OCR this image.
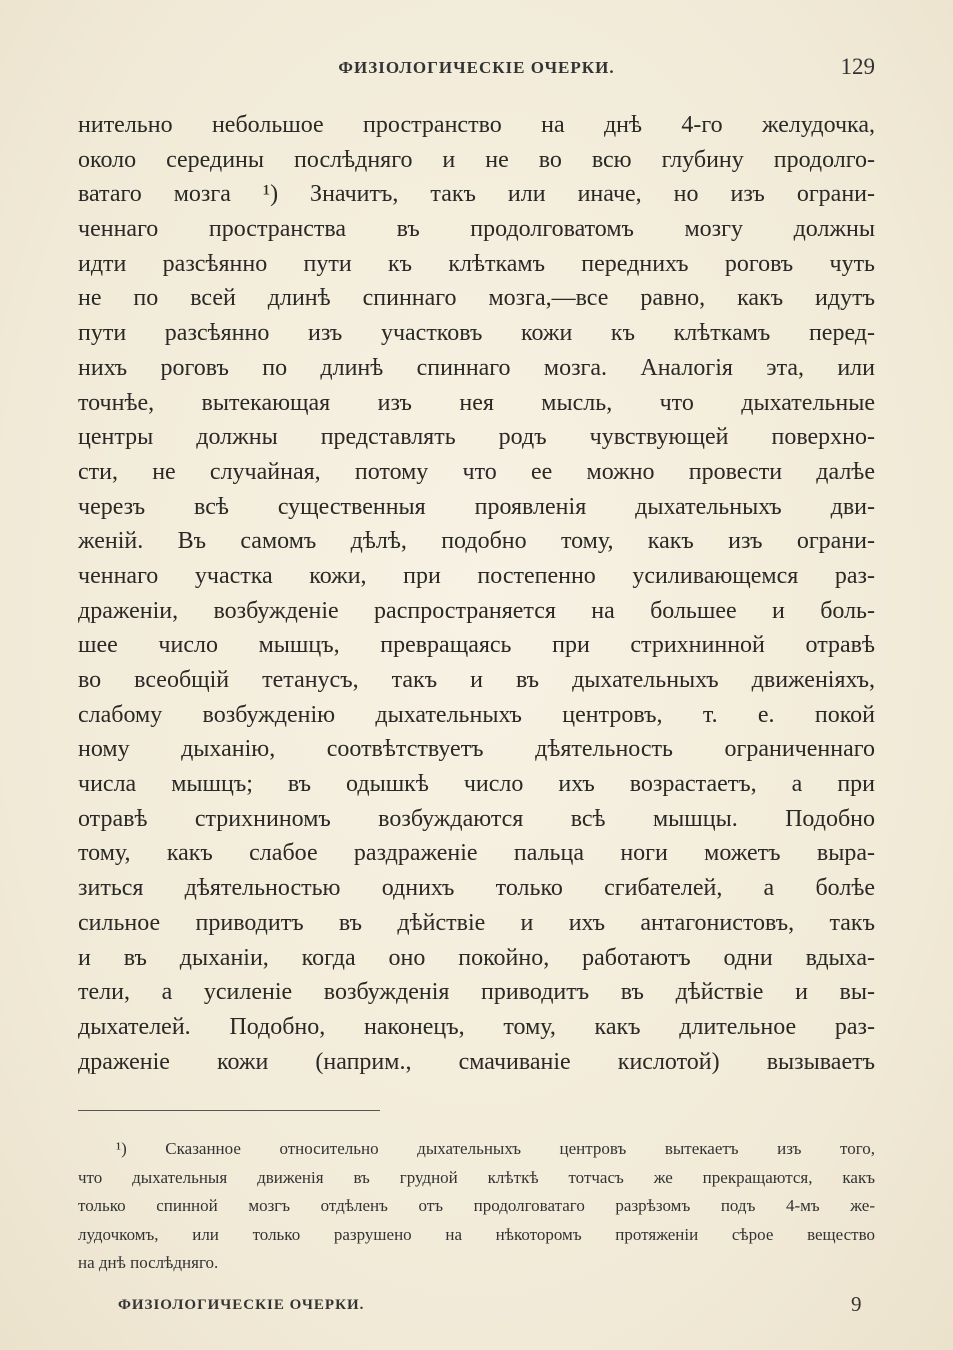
ФИЗІОЛОГИЧЕСКІЕ ОЧЕРКИ.	129
нительно небольшое пространство на днѣ 4-го желудочка,
около середины послѣдняго и не во всю глубину продолго-
ватаго мозга ¹) Значитъ, такъ или иначе, но изъ ограни-
ченнаго пространства въ продолговатомъ мозгу должны
идти разсѣянно пути къ клѣткамъ переднихъ роговъ чуть
не по всей длинѣ спиннаго мозга,—все равно, какъ идутъ
пути разсѣянно изъ участковъ кожи къ клѣткамъ перед-
нихъ роговъ по длинѣ спиннаго мозга. Аналогія эта, или
точнѣе, вытекающая изъ нея мысль, что дыхательные
центры должны представлять родъ чувствующей поверхно-
сти, не случайная, потому что ее можно провести далѣе
черезъ всѣ существенныя проявленія дыхательныхъ дви-
женій. Въ самомъ дѣлѣ, подобно тому, какъ изъ ограни-
ченнаго участка кожи, при постепенно усиливающемся раз-
драженіи, возбужденіе распространяется на большее и боль-
шее число мышцъ, превращаясь при стрихнинной отравѣ
во всеобщій тетанусъ, такъ и въ дыхательныхъ движеніяхъ,
слабому возбужденію дыхательныхъ центровъ, т. е. покой
ному дыханію, соотвѣтствуетъ дѣятельность ограниченнаго
числа мышцъ; въ одышкѣ число ихъ возрастаетъ, а при
отравѣ стрихниномъ возбуждаются всѣ мышцы. Подобно
тому, какъ слабое раздраженіе пальца ноги можетъ выра-
зиться дѣятельностью однихъ только сгибателей, а болѣе
сильное приводитъ въ дѣйствіе и ихъ антагонистовъ, такъ
и въ дыханіи, когда оно покойно, работаютъ одни вдыха-
тели, а усиленіе возбужденія приводитъ въ дѣйствіе и вы-
дыхателей. Подобно, наконецъ, тому, какъ длительное раз-
драженіе кожи (наприм., смачиваніе кислотой) вызываетъ
¹) Сказанное относительно дыхательныхъ центровъ вытекаетъ изъ того,
что дыхательныя движенія въ грудной клѣткѣ тотчасъ же прекращаются, какъ
только спинной мозгъ отдѣленъ отъ продолговатаго разрѣзомъ подъ 4-мъ же-
лудочкомъ, или только разрушено на нѣкоторомъ протяженіи сѣрое вещество
на днѣ послѣдняго.
ФИЗІОЛОГИЧЕСКІЕ ОЧЕРКИ.	9
